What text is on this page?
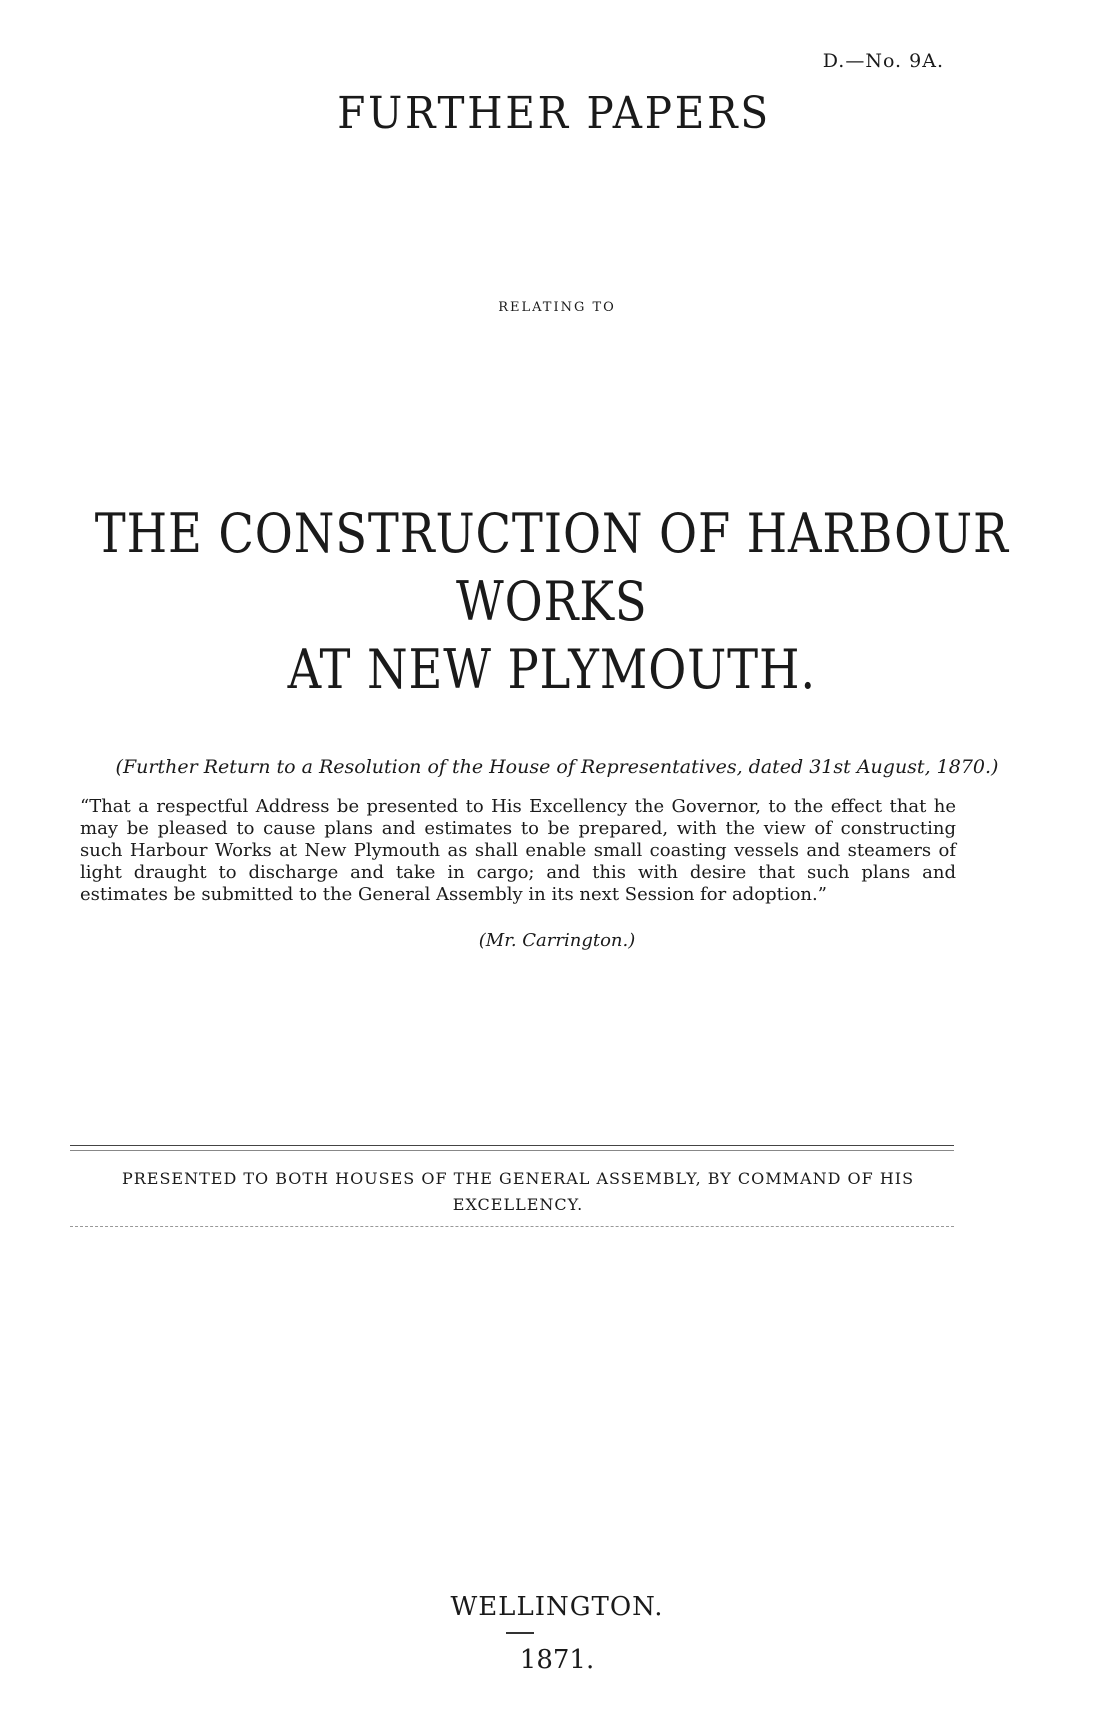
D.—No. 9A.
FURTHER PAPERS
RELATING TO
THE CONSTRUCTION OF HARBOUR WORKS
AT NEW PLYMOUTH.
(Further Return to a Resolution of the House of Representatives, dated 31st August, 1870.)
“That a respectful Address be presented to His Excellency the Governor, to the effect that he may be pleased to cause plans and estimates to be prepared, with the view of constructing such Harbour Works at New Plymouth as shall enable small coasting vessels and steamers of light draught to discharge and take in cargo; and this with desire that such plans and estimates be submitted to the General Assembly in its next Session for adoption.”
(Mr. Carrington.)
PRESENTED TO BOTH HOUSES OF THE GENERAL ASSEMBLY, BY COMMAND OF HIS EXCELLENCY.
WELLINGTON.
1871.
